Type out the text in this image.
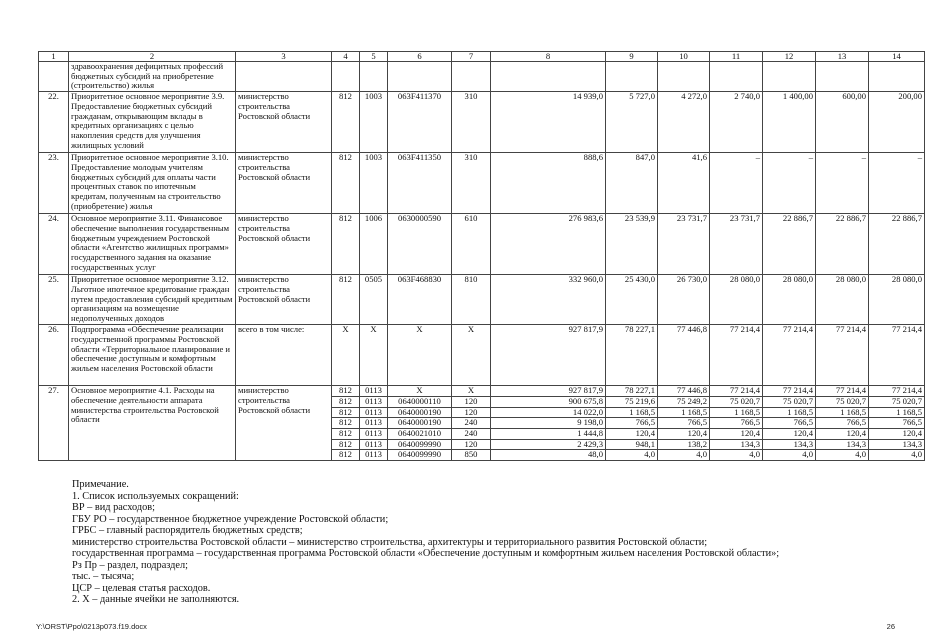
1	2	3	4	5	6	7	8	9	10	11	12	13	14
	здравоохранения дефицитных профессий бюджетных субсидий на приобретение (строительство) жилья												
22.	Приоритетное основное мероприятие 3.9. Предоставление бюджетных субсидий гражданам, открывающим вклады в кредитных организациях с целью накопления средств для улучшения жилищных условий	министерство строительства Ростовской области	812	1003	063F411370	310	14 939,0	5 727,0	4 272,0	2 740,0	1 400,00	600,00	200,00
23.	Приоритетное основное мероприятие 3.10. Предоставление молодым учителям бюджетных субсидий для оплаты части процентных ставок по ипотечным кредитам, полученным на строительство (приобретение) жилья	министерство строительства Ростовской области	812	1003	063F411350	310	888,6	847,0	41,6	–	–	–	–
24.	Основное мероприятие 3.11. Финансовое обеспечение выполнения государственным бюджетным учреждением Ростовской области «Агентство жилищных программ» государственного задания на оказание государственных услуг	министерство строительства Ростовской области	812	1006	0630000590	610	276 983,6	23 539,9	23 731,7	23 731,7	22 886,7	22 886,7	22 886,7
25.	Приоритетное основное мероприятие 3.12. Льготное ипотечное кредитование граждан путем предоставления субсидий кредитным организациям на возмещение недополученных доходов	министерство строительства Ростовской области	812	0505	063F468830	810	332 960,0	25 430,0	26 730,0	28 080,0	28 080,0	28 080,0	28 080,0
26.	Подпрограмма «Обеспечение реализации государственной программы Ростовской области «Территориальное планирование и обеспечение доступным и комфортным жильем населения Ростовской области	всего в том числе:	X	X	X	X	927 817,9	78 227,1	77 446,8	77 214,4	77 214,4	77 214,4	77 214,4
27.	Основное мероприятие 4.1. Расходы на обеспечение деятельности аппарата министерства строительства Ростовской области	министерство строительства Ростовской области	812	0113	X	X	927 817,9	78 227,1	77 446,8	77 214,4	77 214,4	77 214,4	77 214,4
			812	0113	0640000110	120	900 675,8	75 219,6	75 249,2	75 020,7	75 020,7	75 020,7	75 020,7
			812	0113	0640000190	120	14 022,0	1 168,5	1 168,5	1 168,5	1 168,5	1 168,5	1 168,5
			812	0113	0640000190	240	9 198,0	766,5	766,5	766,5	766,5	766,5	766,5
			812	0113	0640021010	240	1 444,8	120,4	120,4	120,4	120,4	120,4	120,4
			812	0113	0640099990	120	2 429,3	948,1	138,2	134,3	134,3	134,3	134,3
			812	0113	0640099990	850	48,0	4,0	4,0	4,0	4,0	4,0	4,0
Примечание.
1. Список используемых сокращений:
ВР – вид расходов;
ГБУ РО – государственное бюджетное учреждение Ростовской области;
ГРБС – главный распорядитель бюджетных средств;
министерство строительства Ростовской области – министерство строительства, архитектуры и территориального развития Ростовской области;
государственная программа – государственная программа Ростовской области «Обеспечение доступным и комфортным жильем населения Ростовской области»;
Рз Пр – раздел, подраздел;
тыс. – тысяча;
ЦСР – целевая статья расходов.
2. Х – данные ячейки не заполняются.
Y:\ORST\Ppo\0213p073.f19.docx	26
